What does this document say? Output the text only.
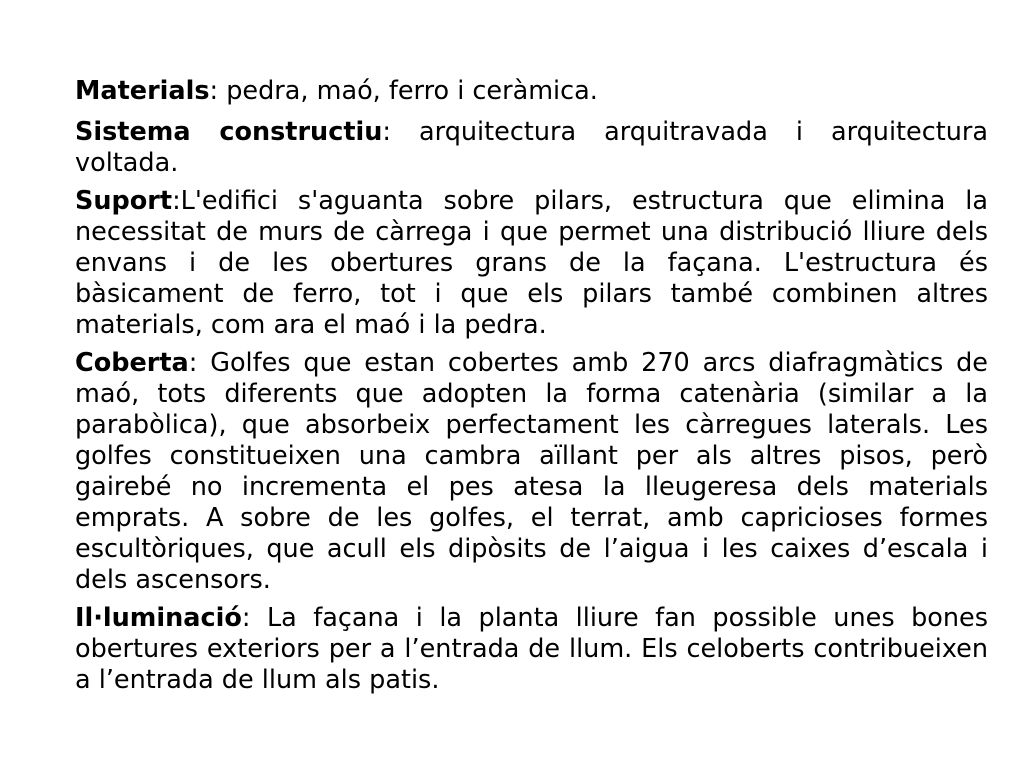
Materials: pedra, maó, ferro i ceràmica.

Sistema constructiu: arquitectura arquitravada i arquitectura voltada.

Suport:L'edifici s'aguanta sobre pilars, estructura que elimina la necessitat de murs de càrrega i que permet una distribució lliure dels envans i de les obertures grans de la façana. L'estructura és bàsicament de ferro, tot i que els pilars també combinen altres materials, com ara el maó i la pedra.

Coberta: Golfes que estan cobertes amb 270 arcs diafragmàtics de maó, tots diferents que adopten la forma catenària (similar a la parabòlica), que absorbeix perfectament les càrregues laterals. Les golfes constitueixen una cambra aïllant per als altres pisos, però gairebé no incrementa el pes atesa la lleugeresa dels materials emprats. A sobre de les golfes, el terrat, amb capricioses formes escultòriques, que acull els dipòsits de l’aigua i les caixes d’escala i dels ascensors.

Il·luminació: La façana i la planta lliure fan possible unes bones obertures exteriors per a l’entrada de llum. Els celoberts contribueixen a l’entrada de llum als patis.
